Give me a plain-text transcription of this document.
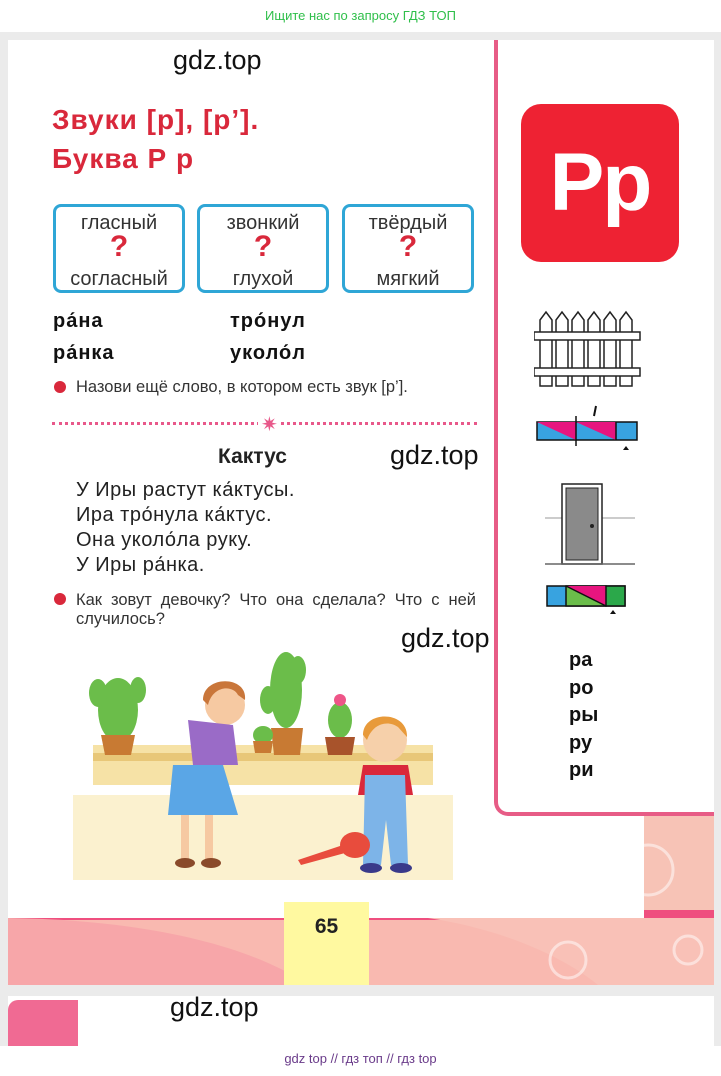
Ищите нас по запросу ГДЗ ТОП
gdz.top
Звуки [р], [р’].
Буква Р р
гласный
?
согласный
звонкий
?
глухой
твёрдый
?
мягкий
ра́на	тро́нул
ра́нка	уколо́л
Назови ещё слово, в котором есть звук [р’].
✷
Кактус	gdz.top
У Иры растут ка́ктусы.
Ира тро́нула ка́ктус.
Она уколо́ла руку.
У Иры ра́нка.
Как зовут девочку? Что она сделала? Что с ней случилось?
gdz.top
Рр
ра
ро
ры
ру
ри
65
gdz.top
gdz top // гдз топ // гдз top
